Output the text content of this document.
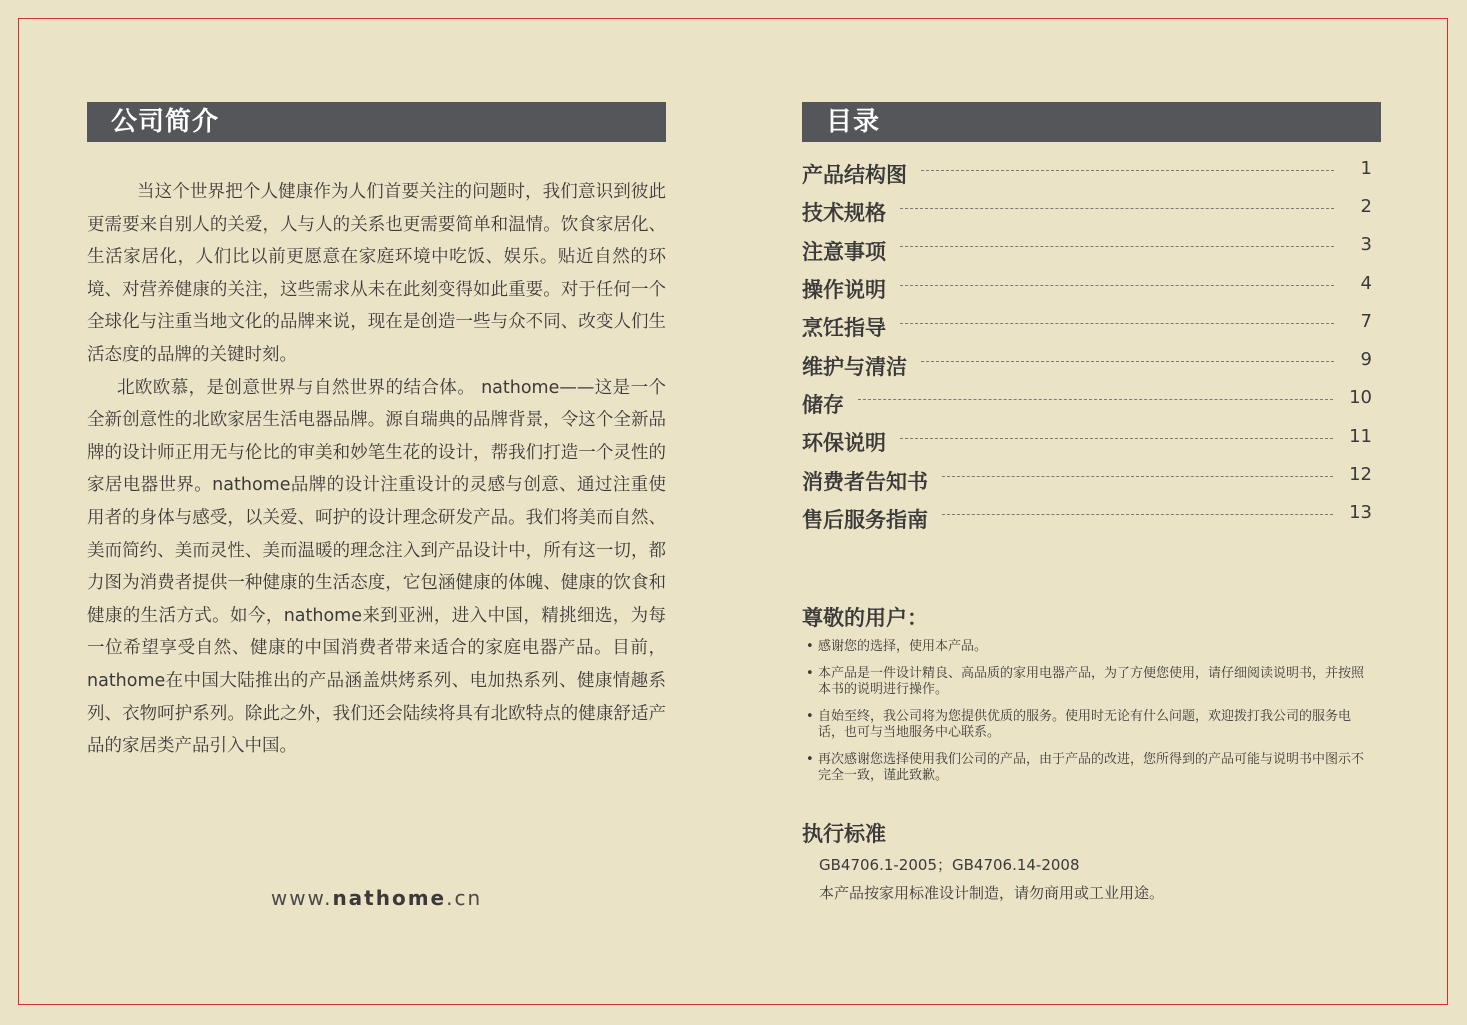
公司简介

当这个世界把个人健康作为人们首要关注的问题时，我们意识到彼此更需要来自别人的关爱，人与人的关系也更需要简单和温情。饮食家居化、生活家居化，人们比以前更愿意在家庭环境中吃饭、娱乐。贴近自然的环境、对营养健康的关注，这些需求从未在此刻变得如此重要。对于任何一个全球化与注重当地文化的品牌来说，现在是创造一些与众不同、改变人们生活态度的品牌的关键时刻。

北欧欧慕，是创意世界与自然世界的结合体。 nathome——这是一个全新创意性的北欧家居生活电器品牌。源自瑞典的品牌背景，令这个全新品牌的设计师正用无与伦比的审美和妙笔生花的设计，帮我们打造一个灵性的家居电器世界。nathome品牌的设计注重设计的灵感与创意、通过注重使用者的身体与感受，以关爱、呵护的设计理念研发产品。我们将美而自然、美而简约、美而灵性、美而温暖的理念注入到产品设计中，所有这一切，都力图为消费者提供一种健康的生活态度，它包涵健康的体魄、健康的饮食和健康的生活方式。如今，nathome来到亚洲，进入中国，精挑细选，为每一位希望享受自然、健康的中国消费者带来适合的家庭电器产品。目前，nathome在中国大陆推出的产品涵盖烘烤系列、电加热系列、健康情趣系列、衣物呵护系列。除此之外，我们还会陆续将具有北欧特点的健康舒适产品的家居类产品引入中国。

www.nathome.cn
目录
产品结构图	1
技术规格	2
注意事项	3
操作说明	4
烹饪指导	7
维护与清洁	9
储存	10
环保说明	11
消费者告知书	12
售后服务指南	13
尊敬的用户：
• 感谢您的选择，使用本产品。
• 本产品是一件设计精良、高品质的家用电器产品，为了方便您使用，请仔细阅读说明书，并按照本书的说明进行操作。
• 自始至终，我公司将为您提供优质的服务。使用时无论有什么问题，欢迎拨打我公司的服务电话，也可与当地服务中心联系。
• 再次感谢您选择使用我们公司的产品，由于产品的改进，您所得到的产品可能与说明书中图示不完全一致，谨此致歉。
执行标准
GB4706.1-2005；GB4706.14-2008
本产品按家用标准设计制造，请勿商用或工业用途。
